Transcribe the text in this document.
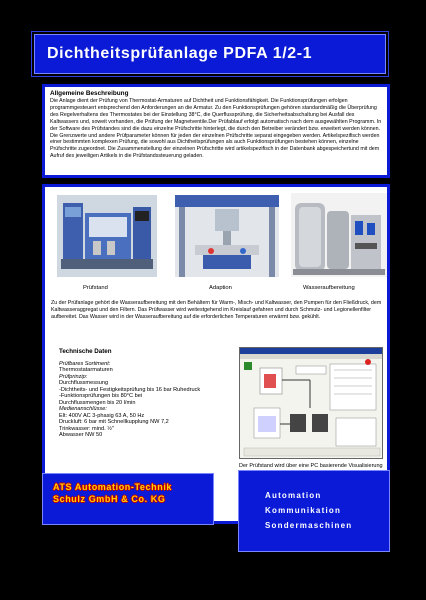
Dichtheitsprüfanlage PDFA 1/2-1
Allgemeine Beschreibung

Die Anlage dient der Prüfung von Thermostat-Armaturen auf Dichtheit und Funktionsfähigkeit. Die Funktionsprüfungen erfolgen programmgesteuert entsprechend den Anforderungen an die Armatur. Zu den Funktionsprüfungen gehören standardmäßig die Überprüfung des Regelverhaltens des Thermostates bei der Einstellung 38°C, die Querflussprüfung, die Sicherheitsabschaltung bei Ausfall des Kaltwassers und, soweit vorhanden, die Prüfung der Magnetventile.Der Prüfablauf erfolgt automatisch nach dem ausgewählten Programm. In der Software des Prüfstandes sind die dazu einzelne Prüfschritte hinterlegt, die durch den Betreiber verändert bzw. erweitert werden können. Die Grenzwerte und andere Prüfparameter können für jeden der einzelnen Prüfschritte separat eingegeben werden. Artikelspezifisch werden einer bestimmten komplexen Prüfung, die sowohl aus Dichtheitsprüfungen als auch Funktionsprüfungen bestehen können, einzelne Prüfschritte zugeordnet. Die Zusammenstellung der einzelnen Prüfschritte wird artikelspezifisch in der Datenbank abgespeichertund mit dem Aufruf des jeweiligen Artikels in die Prüfstandssteuerung geladen.

Prüfstand	Adaption	Wasseraufbereitung
Zu der Prüfanlage gehört die Wasseraufbereitung mit den Behältern für Warm-, Misch- und Kaltwasser, den Pumpen für den Fließdruck, dem Kaltwasseraggregat und den Filtern. Das Prüfwasser wird weitestgehend im Kreislauf gefahren und durch Schmutz- und Legionellenfilter aufbereitet. Das Wasser wird in der Wasseraufbereitung auf die erforderlichen Temperaturen erwärmt bzw. gekühlt.
Technische Daten
Prüfbares Sortiment:
Thermostatarmaturen
Prüfprinzip:
Durchflussmessung
-Dichtheits- und Festigkeitsprüfung bis 16 bar Ruhedruck
-Funktionsprüfungen bis 80°C bei
Durchflussmengen bis 20 l/min
Medienanschlüsse:
Elt: 400V AC 3-phasig 63 A, 50 Hz
Druckluft: 6 bar mit Schnellkupplung NW 7,2
Trinkwasser: mind. ½"
Abwasser NW 50
Der Prüfstand wird über eine PC basierende Visualisierung
ATS Automation-Technik
Schulz GmbH & Co. KG	Automation
Kommunikation
Sondermaschinen
